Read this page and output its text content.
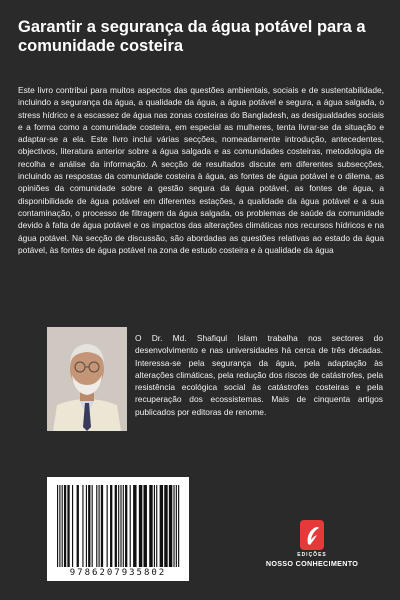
Garantir a segurança da água potável para a comunidade costeira

Este livro contribui para muitos aspectos das questões ambientais, sociais e de sustentabilidade, incluindo a segurança da água, a qualidade da água, a água potável e segura, a água salgada, o stress hídrico e a escassez de água nas zonas costeiras do Bangladesh, as desigualdades sociais e a forma como a comunidade costeira, em especial as mulheres, tenta livrar-se da situação e adaptar-se a ela. Este livro inclui várias secções, nomeadamente introdução, antecedentes, objectivos, literatura anterior sobre a água salgada e as comunidades costeiras, metodologia de recolha e análise da informação. A secção de resultados discute em diferentes subsecções, incluindo as respostas da comunidade costeira à água, as fontes de água potável e o dilema, as opiniões da comunidade sobre a gestão segura da água potável, as fontes de água, a disponibilidade de água potável em diferentes estações, a qualidade da água potável e a sua contaminação, o processo de filtragem da água salgada, os problemas de saúde da comunidade devido à falta de água potável e os impactos das alterações climáticas nos recursos hídricos e na água potável. Na secção de discussão, são abordadas as questões relativas ao estado da água potável, às fontes de água potável na zona de estudo costeira e à qualidade da água

O Dr. Md. Shafiqul Islam trabalha nos sectores do desenvolvimento e nas universidades há cerca de três décadas. Interessa-se pela segurança da água, pela adaptação às alterações climáticas, pela redução dos riscos de catástrofes, pela resistência ecológica social às catástrofes costeiras e pela recuperação dos ecossistemas. Mais de cinquenta artigos publicados por editoras de renome.

9786207935802
EDIÇÕES
NOSSO CONHECIMENTO
